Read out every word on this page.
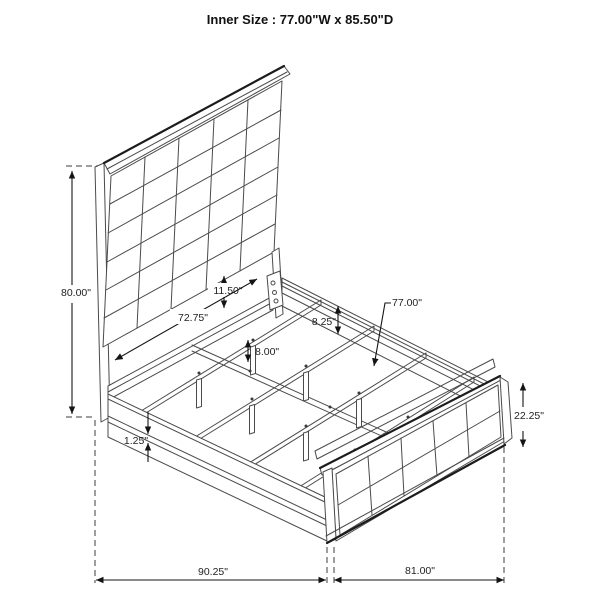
80.00"	11.50"
72.75"
77.00"
8.25"
8.00"
1.25"
22.25"
90.25"	81.00"
Inner Size : 77.00"W x 85.50"D
